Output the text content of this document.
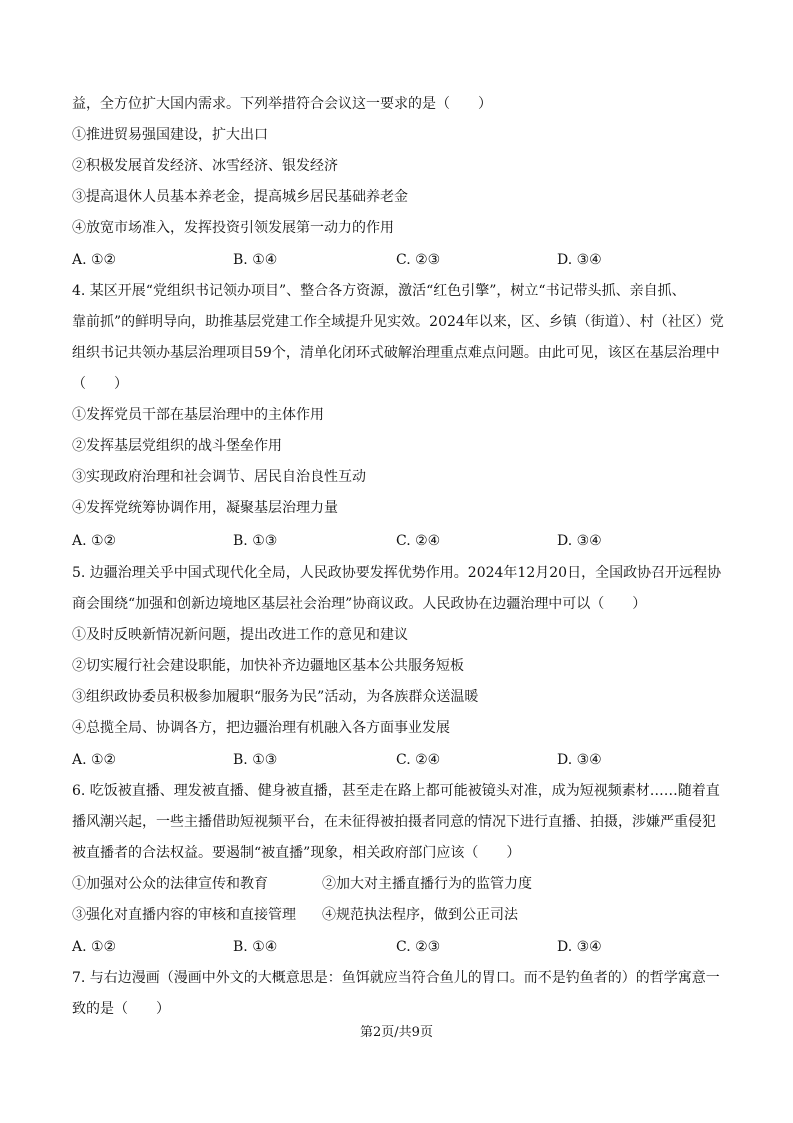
益，全方位扩大国内需求。下列举措符合会议这一要求的是（　　）
①推进贸易强国建设，扩大出口
②积极发展首发经济、冰雪经济、银发经济
③提高退休人员基本养老金，提高城乡居民基础养老金
④放宽市场准入，发挥投资引领发展第一动力的作用
A. ①②	B. ①④	C. ②③	D. ③④
4. 某区开展“党组织书记领办项目”、整合各方资源，激活“红色引擎”，树立“书记带头抓、亲自抓、
靠前抓”的鲜明导向，助推基层党建工作全域提升见实效。2024年以来，区、乡镇（街道）、村（社区）党
组织书记共领办基层治理项目59个，清单化闭环式破解治理重点难点问题。由此可见，该区在基层治理中
（　　）
①发挥党员干部在基层治理中的主体作用
②发挥基层党组织的战斗堡垒作用
③实现政府治理和社会调节、居民自治良性互动
④发挥党统筹协调作用，凝聚基层治理力量
A. ①②	B. ①③	C. ②④	D. ③④
5. 边疆治理关乎中国式现代化全局，人民政协要发挥优势作用。2024年12月20日，全国政协召开远程协
商会围绕“加强和创新边境地区基层社会治理”协商议政。人民政协在边疆治理中可以（　　）
①及时反映新情况新问题，提出改进工作的意见和建议
②切实履行社会建设职能，加快补齐边疆地区基本公共服务短板
③组织政协委员积极参加履职“服务为民”活动，为各族群众送温暖
④总揽全局、协调各方，把边疆治理有机融入各方面事业发展
A. ①②	B. ①③	C. ②④	D. ③④
6. 吃饭被直播、理发被直播、健身被直播，甚至走在路上都可能被镜头对准，成为短视频素材……随着直
播风潮兴起，一些主播借助短视频平台，在未征得被拍摄者同意的情况下进行直播、拍摄，涉嫌严重侵犯
被直播者的合法权益。要遏制“被直播”现象，相关政府部门应该（　　）
①加强对公众的法律宣传和教育	②加大对主播直播行为的监管力度
③强化对直播内容的审核和直接管理 ④规范执法程序，做到公正司法
A. ①②	B. ①④	C. ②③	D. ③④
7. 与右边漫画（漫画中外文的大概意思是：鱼饵就应当符合鱼儿的胃口。而不是钓鱼者的）的哲学寓意一
致的是（　　）
第2页/共9页
